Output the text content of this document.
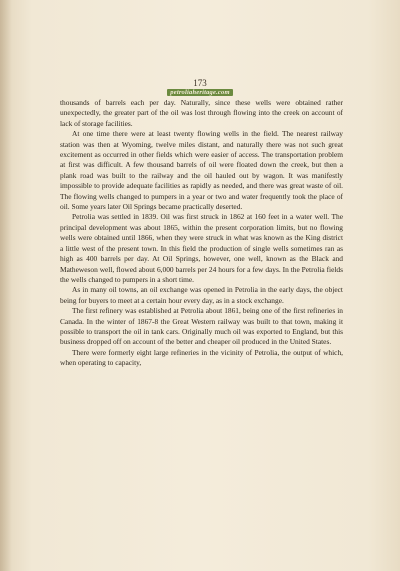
173
petroliaheritage.com

thousands of barrels each per day. Naturally, since these wells were obtained rather unexpectedly, the greater part of the oil was lost through flowing into the creek on account of lack of storage facilities.

At one time there were at least twenty flowing wells in the field. The nearest railway station was then at Wyoming, twelve miles distant, and naturally there was not such great excitement as occurred in other fields which were easier of access. The transportation problem at first was difficult. A few thousand barrels of oil were floated down the creek, but then a plank road was built to the railway and the oil hauled out by wagon. It was manifestly impossible to provide adequate facilities as rapidly as needed, and there was great waste of oil. The flowing wells changed to pumpers in a year or two and water frequently took the place of oil. Some years later Oil Springs became practically deserted.

Petrolia was settled in 1839. Oil was first struck in 1862 at 160 feet in a water well. The principal development was about 1865, within the present corporation limits, but no flowing wells were obtained until 1866, when they were struck in what was known as the King district a little west of the present town. In this field the production of single wells sometimes ran as high as 400 barrels per day. At Oil Springs, however, one well, known as the Black and Matheweson well, flowed about 6,000 barrels per 24 hours for a few days. In the Petrolia fields the wells changed to pumpers in a short time.

As in many oil towns, an oil exchange was opened in Petrolia in the early days, the object being for buyers to meet at a certain hour every day, as in a stock exchange.

The first refinery was established at Petrolia about 1861, being one of the first refineries in Canada. In the winter of 1867-8 the Great Western railway was built to that town, making it possible to transport the oil in tank cars. Originally much oil was exported to England, but this business dropped off on account of the better and cheaper oil produced in the United States.

There were formerly eight large refineries in the vicinity of Petrolia, the output of which, when operating to capacity,
